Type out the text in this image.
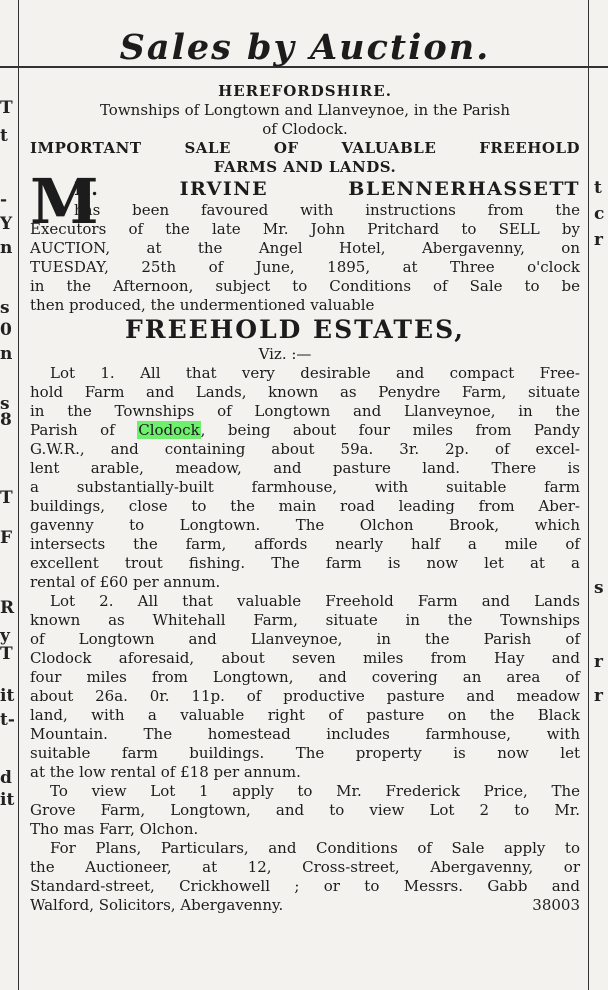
T
t
-
Y
n
s
0
n
s
8
T
F
R
y
T
it
t-
d
it
t
c
r
s
r
r
Sales by Auction.
HEREFORDSHIRE.
Townships of Longtown and Llanveynoe, in the Parish
of Clodock.
IMPORTANT SALE OF VALUABLE FREEHOLD
FARMS AND LANDS.
M
R. IRVINE BLENNERHASSETT
has been favoured with instructions from the
Executors of the late Mr. John Pritchard to SELL by
AUCTION, at the Angel Hotel, Abergavenny, on
TUESDAY, 25th of June, 1895, at Three o'clock
in the Afternoon, subject to Conditions of Sale to be
then produced, the undermentioned valuable
FREEHOLD ESTATES,
Viz. :—
Lot 1. All that very desirable and compact Free-
hold Farm and Lands, known as Penydre Farm, situate
in the Townships of Longtown and Llanveynoe, in the
Parish of Clodock, being about four miles from Pandy
G.W.R., and containing about 59a. 3r. 2p. of excel-
lent arable, meadow, and pasture land. There is
a substantially-built farmhouse, with suitable farm
buildings, close to the main road leading from Aber-
gavenny to Longtown. The Olchon Brook, which
intersects the farm, affords nearly half a mile of
excellent trout fishing. The farm is now let at a
rental of £60 per annum.
Lot 2. All that valuable Freehold Farm and Lands
known as Whitehall Farm, situate in the Townships
of Longtown and Llanveynoe, in the Parish of
Clodock aforesaid, about seven miles from Hay and
four miles from Longtown, and covering an area of
about 26a. 0r. 11p. of productive pasture and meadow
land, with a valuable right of pasture on the Black
Mountain. The homestead includes farmhouse, with
suitable farm buildings. The property is now let
at the low rental of £18 per annum.
To view Lot 1 apply to Mr. Frederick Price, The
Grove Farm, Longtown, and to view Lot 2 to Mr.
Tho mas Farr, Olchon.
For Plans, Particulars, and Conditions of Sale apply to
the Auctioneer, at 12, Cross-street, Abergavenny, or
Standard-street, Crickhowell ; or to Messrs. Gabb and
Walford, Solicitors, Abergavenny.	38003
